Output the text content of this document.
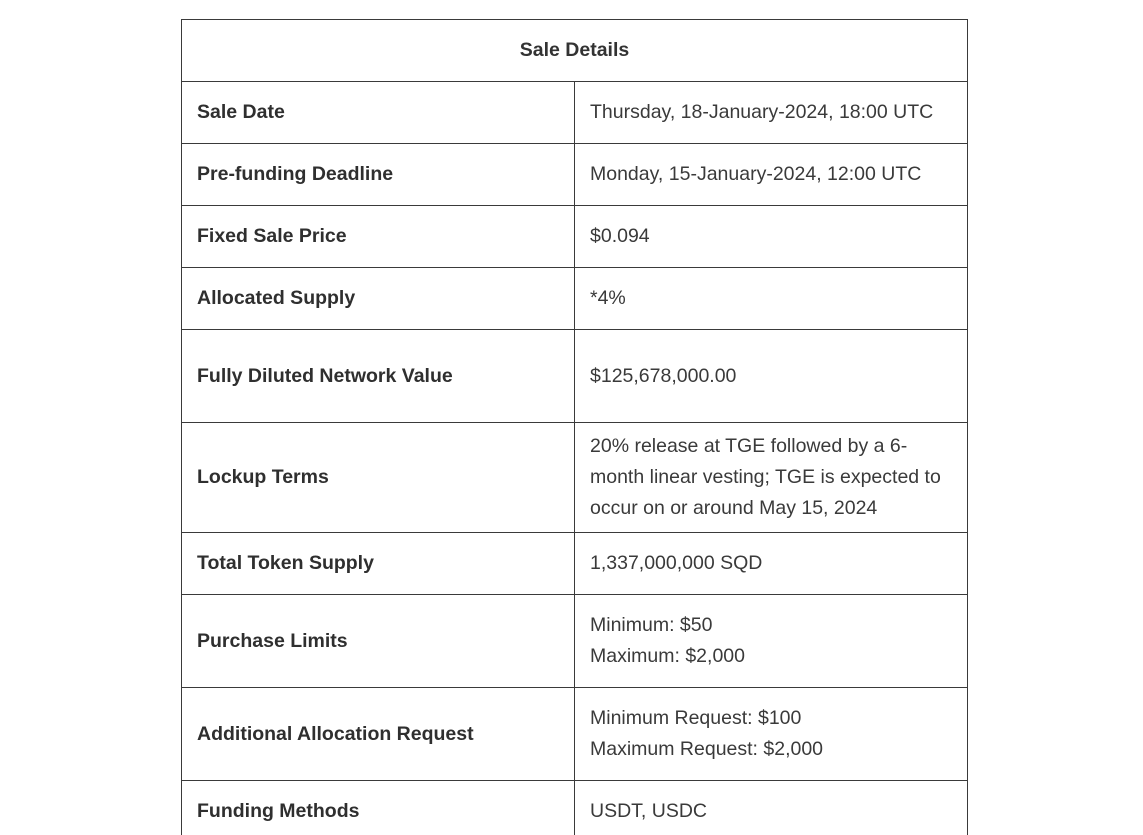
Sale Details	
Sale Date	Thursday, 18-January-2024, 18:00 UTC

Pre-funding Deadline	Monday, 15-January-2024, 12:00 UTC

Fixed Sale Price	$0.094

Allocated Supply	*4%

Fully Diluted Network Value	$125,678,000.00

Lockup Terms	20% release at TGE followed by a 6-month linear vesting; TGE is expected to occur on or around May 15, 2024

Total Token Supply	1,337,000,000 SQD

Purchase Limits	Minimum: $50
Maximum: $2,000

Additional Allocation Request	Minimum Request: $100
Maximum Request: $2,000

Funding Methods	USDT, USDC
